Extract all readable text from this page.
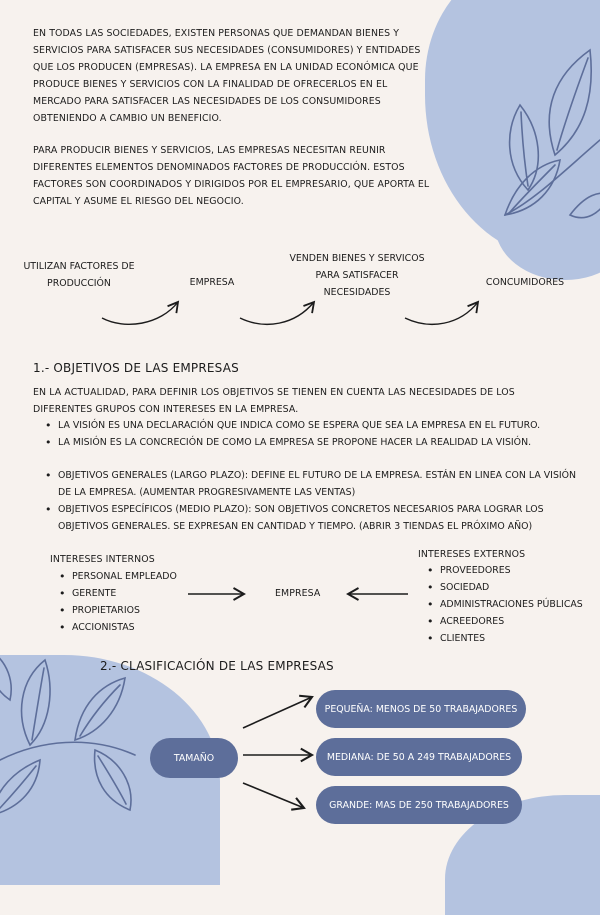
EN TODAS LAS SOCIEDADES, EXISTEN PERSONAS QUE DEMANDAN BIENES Y SERVICIOS PARA SATISFACER SUS NECESIDADES (CONSUMIDORES) Y ENTIDADES QUE LOS PRODUCEN (EMPRESAS). LA EMPRESA EN LA UNIDAD ECONÓMICA QUE PRODUCE BIENES Y SERVICIOS CON LA FINALIDAD DE OFRECERLOS EN EL MERCADO PARA SATISFACER LAS NECESIDADES DE LOS CONSUMIDORES OBTENIENDO A CAMBIO UN BENEFICIO.
PARA PRODUCIR BIENES Y SERVICIOS, LAS EMPRESAS NECESITAN REUNIR DIFERENTES ELEMENTOS DENOMINADOS FACTORES DE PRODUCCIÓN. ESTOS FACTORES SON COORDINADOS Y DIRIGIDOS POR EL EMPRESARIO, QUE APORTA EL CAPITAL Y ASUME EL RIESGO DEL NEGOCIO.
UTILIZAN FACTORES DE PRODUCCIÓN	EMPRESA
VENDEN BIENES Y SERVICOS PARA SATISFACER NECESIDADES
CONCUMIDORES
1.- OBJETIVOS DE LAS EMPRESAS
EN LA ACTUALIDAD, PARA DEFINIR LOS OBJETIVOS SE TIENEN EN CUENTA LAS NECESIDADES DE LOS DIFERENTES GRUPOS CON INTERESES EN LA EMPRESA.
• LA VISIÓN ES UNA DECLARACIÓN QUE INDICA COMO SE ESPERA QUE SEA LA EMPRESA EN EL FUTURO.
• LA MISIÓN ES LA CONCRECIÓN DE COMO LA EMPRESA SE PROPONE HACER LA REALIDAD LA VISIÓN.
• OBJETIVOS GENERALES (LARGO PLAZO): DEFINE EL FUTURO DE LA EMPRESA. ESTÁN EN LINEA CON LA VISIÓN DE LA EMPRESA. (AUMENTAR PROGRESIVAMENTE LAS VENTAS)
• OBJETIVOS ESPECÍFICOS (MEDIO PLAZO): SON OBJETIVOS CONCRETOS NECESARIOS PARA LOGRAR LOS OBJETIVOS GENERALES. SE EXPRESAN EN CANTIDAD Y TIEMPO. (ABRIR 3 TIENDAS EL PRÓXIMO AÑO)
INTERESES INTERNOS
• PERSONAL EMPLEADO
• GERENTE
• PROPIETARIOS
• ACCIONISTAS
EMPRESA
INTERESES EXTERNOS
• PROVEEDORES
• SOCIEDAD
• ADMINISTRACIONES PÚBLICAS
• ACREEDORES
• CLIENTES
2.- CLASIFICACIÓN DE LAS EMPRESAS
TAMAÑO
PEQUEÑA: MENOS DE 50 TRABAJADORES
MEDIANA: DE 50 A 249 TRABAJADORES
GRANDE: MAS DE 250 TRABAJADORES
